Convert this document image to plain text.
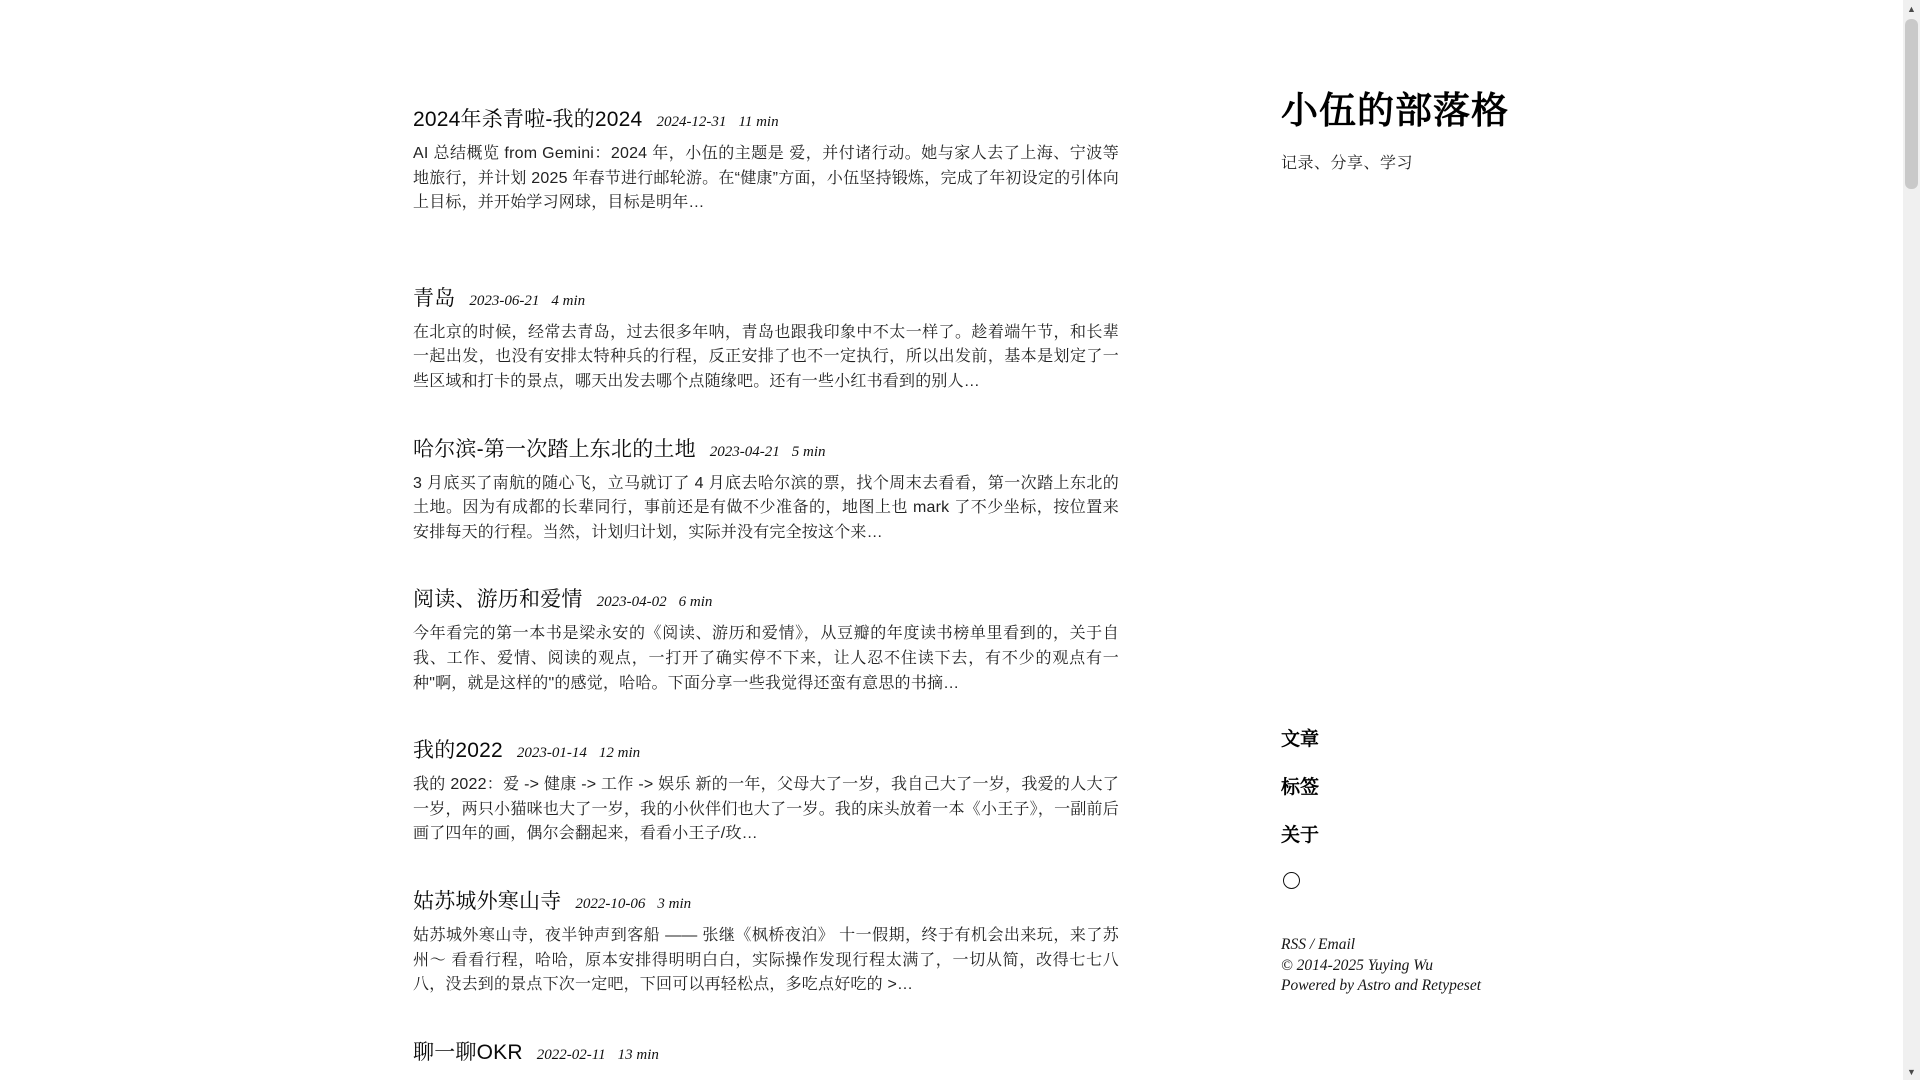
2024年杀青啦-我的2024 2024-12-31 11 min
AI 总结概览 from Gemini：2024 年，小伍的主题是 爱，并付诸行动。她与家人去了上海、宁波等地旅行，并计划 2025 年春节进行邮轮游。在“健康”方面，小伍坚持锻炼，完成了年初设定的引体向上目标，并开始学习网球，目标是明年…
青岛 2023-06-21 4 min
在北京的时候，经常去青岛，过去很多年呐，青岛也跟我印象中不太一样了。趁着端午节，和长辈一起出发，也没有安排太特种兵的行程，反正安排了也不一定执行，所以出发前，基本是划定了一些区域和打卡的景点，哪天出发去哪个点随缘吧。还有一些小红书看到的别人…
哈尔滨-第一次踏上东北的土地 2023-04-21 5 min
3 月底买了南航的随心飞，立马就订了 4 月底去哈尔滨的票，找个周末去看看，第一次踏上东北的土地。因为有成都的长辈同行，事前还是有做不少准备的，地图上也 mark 了不少坐标，按位置来安排每天的行程。当然，计划归计划，实际并没有完全按这个来…
阅读、游历和爱情 2023-04-02 6 min
今年看完的第一本书是梁永安的《阅读、游历和爱情》，从豆瓣的年度读书榜单里看到的，关于自我、工作、爱情、阅读的观点，一打开了确实停不下来，让人忍不住读下去，有不少的观点有一种"啊，就是这样的"的感觉，哈哈。下面分享一些我觉得还蛮有意思的书摘…
我的2022 2023-01-14 12 min
我的 2022：爱 -> 健康 -> 工作 -> 娱乐 新的一年，父母大了一岁，我自己大了一岁，我爱的人大了一岁，两只小猫咪也大了一岁，我的小伙伴们也大了一岁。我的床头放着一本《小王子》，一副前后画了四年的画，偶尔会翻起来，看看小王子/玫…
姑苏城外寒山寺 2022-10-06 3 min
姑苏城外寒山寺，夜半钟声到客船 —— 张继《枫桥夜泊》 十一假期，终于有机会出来玩，来了苏州～ 看看行程，哈哈，原本安排得明明白白，实际操作发现行程太满了，一切从简，改得七七八八，没去到的景点下次一定吧，下回可以再轻松点，多吃点好吃的 >…
聊一聊OKR 2022-02-11 13 min
小伍的部落格
记录、分享、学习
文章
标签
关于
RSS / Email
© 2014-2025 Yuying Wu
Powered by Astro and Retypeset
▲
▼
